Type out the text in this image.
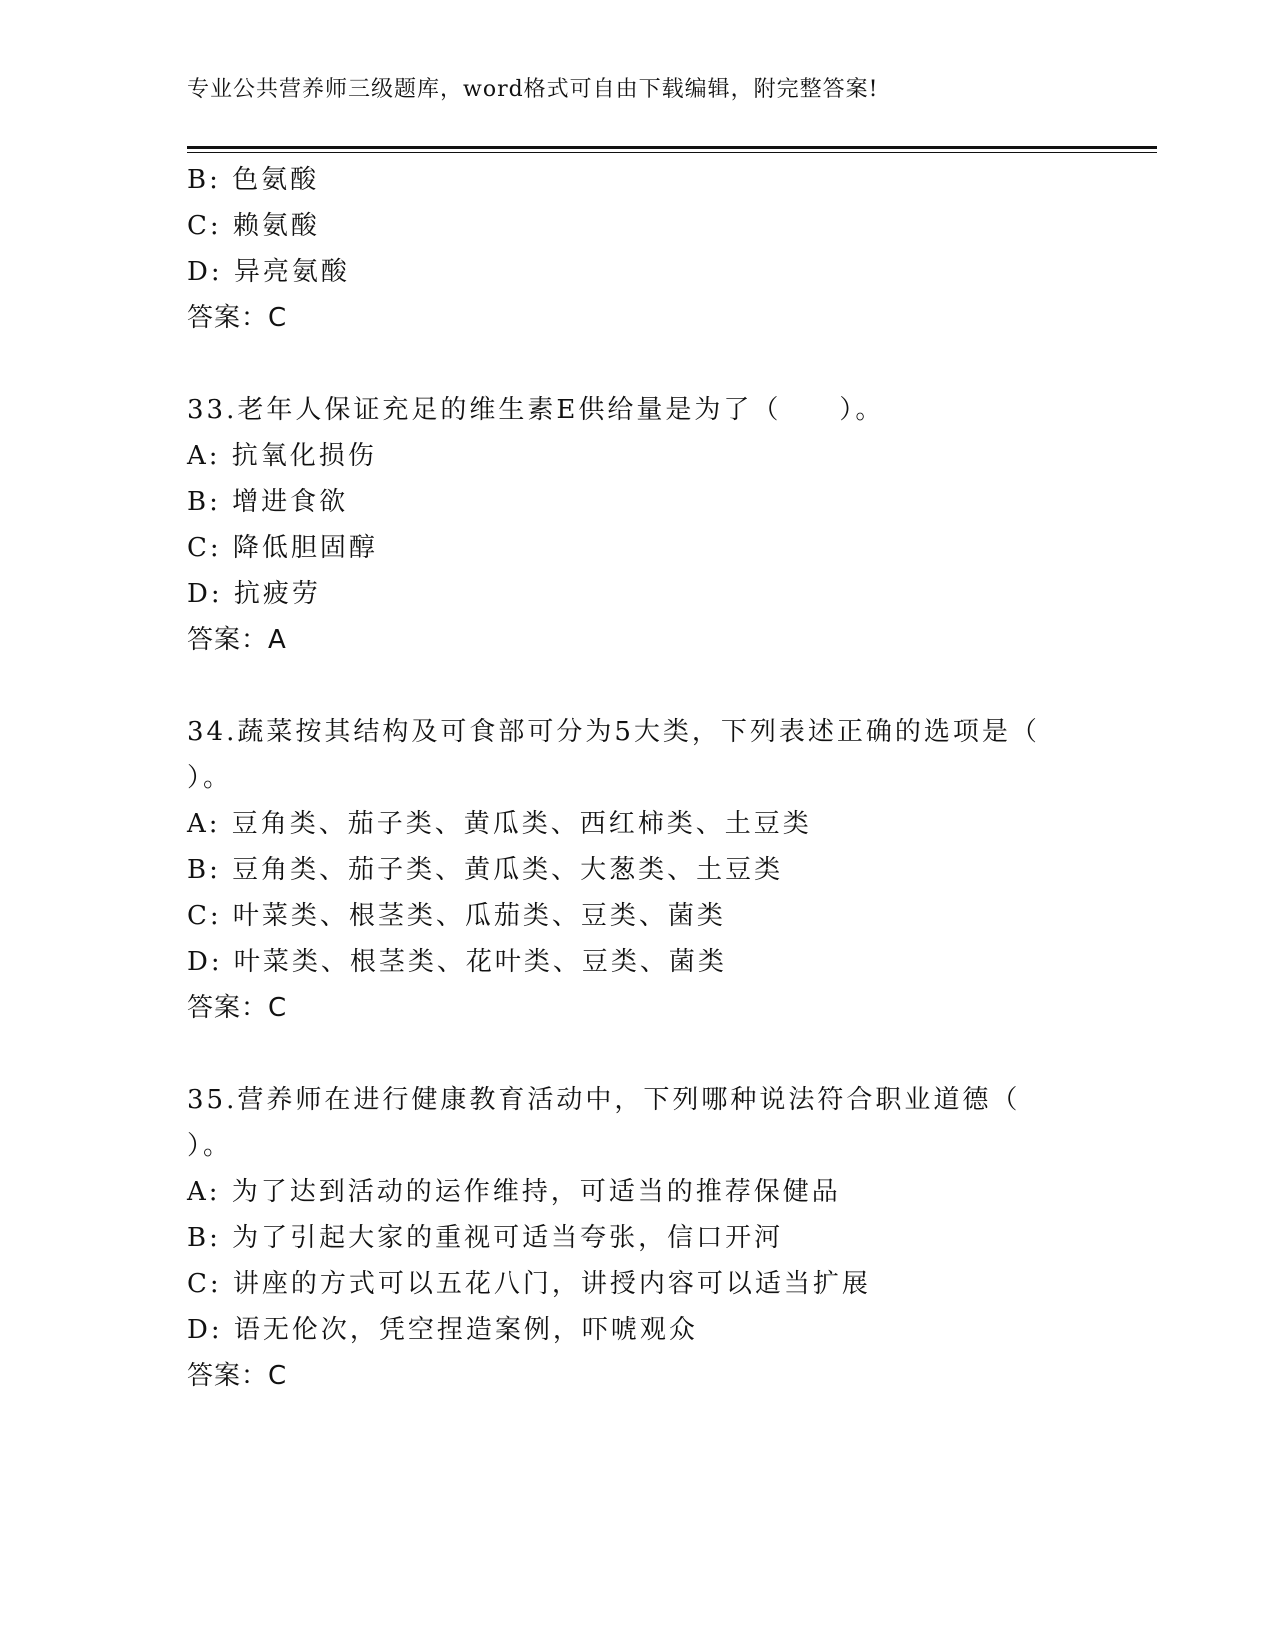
专业公共营养师三级题库，word格式可自由下载编辑，附完整答案!
B: 色氨酸
C: 赖氨酸
D: 异亮氨酸
答案：C
33.老年人保证充足的维生素E供给量是为了（　　）。
A: 抗氧化损伤
B: 增进食欲
C: 降低胆固醇
D: 抗疲劳
答案：A
34.蔬菜按其结构及可食部可分为5大类，下列表述正确的选项是（
）。
A: 豆角类、茄子类、黄瓜类、西红柿类、土豆类
B: 豆角类、茄子类、黄瓜类、大葱类、土豆类
C: 叶菜类、根茎类、瓜茄类、豆类、菌类
D: 叶菜类、根茎类、花叶类、豆类、菌类
答案：C
35.营养师在进行健康教育活动中，下列哪种说法符合职业道德（
）。
A: 为了达到活动的运作维持，可适当的推荐保健品
B: 为了引起大家的重视可适当夸张，信口开河
C: 讲座的方式可以五花八门，讲授内容可以适当扩展
D: 语无伦次，凭空捏造案例，吓唬观众
答案：C
